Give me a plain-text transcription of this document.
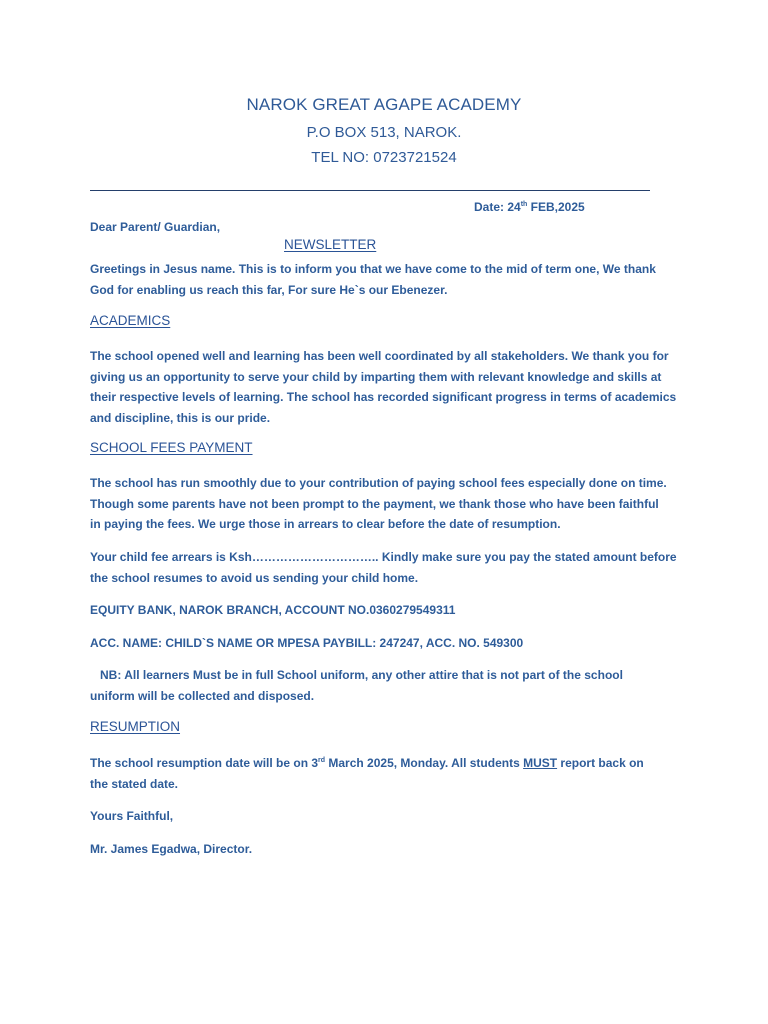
NAROK GREAT AGAPE ACADEMY

P.O BOX 513, NAROK.

TEL NO: 0723721524

Date: 24th FEB,2025

Dear Parent/ Guardian,

NEWSLETTER

Greetings in Jesus name. This is to inform you that we have come to the mid of term one, We thank
God for enabling us reach this far, For sure He`s our Ebenezer.

ACADEMICS

The school opened well and learning has been well coordinated by all stakeholders. We thank you for
giving us an opportunity to serve your child by imparting them with relevant knowledge and skills at
their respective levels of learning. The school has recorded significant progress in terms of academics
and discipline, this is our pride.

SCHOOL FEES PAYMENT

The school has run smoothly due to your contribution of paying school fees especially done on time.
Though some parents have not been prompt to the payment, we thank those who have been faithful
in paying the fees. We urge those in arrears to clear before the date of resumption.
Your child fee arrears is Ksh………………………….. Kindly make sure you pay the stated amount before
the school resumes to avoid us sending your child home.

EQUITY BANK, NAROK BRANCH, ACCOUNT NO.0360279549311

ACC. NAME: CHILD`S NAME OR MPESA PAYBILL: 247247, ACC. NO. 549300

NB: All learners Must be in full School uniform, any other attire that is not part of the school
uniform will be collected and disposed.

RESUMPTION

The school resumption date will be on 3rd March 2025, Monday. All students MUST report back on
the stated date.

Yours Faithful,

Mr. James Egadwa, Director.
